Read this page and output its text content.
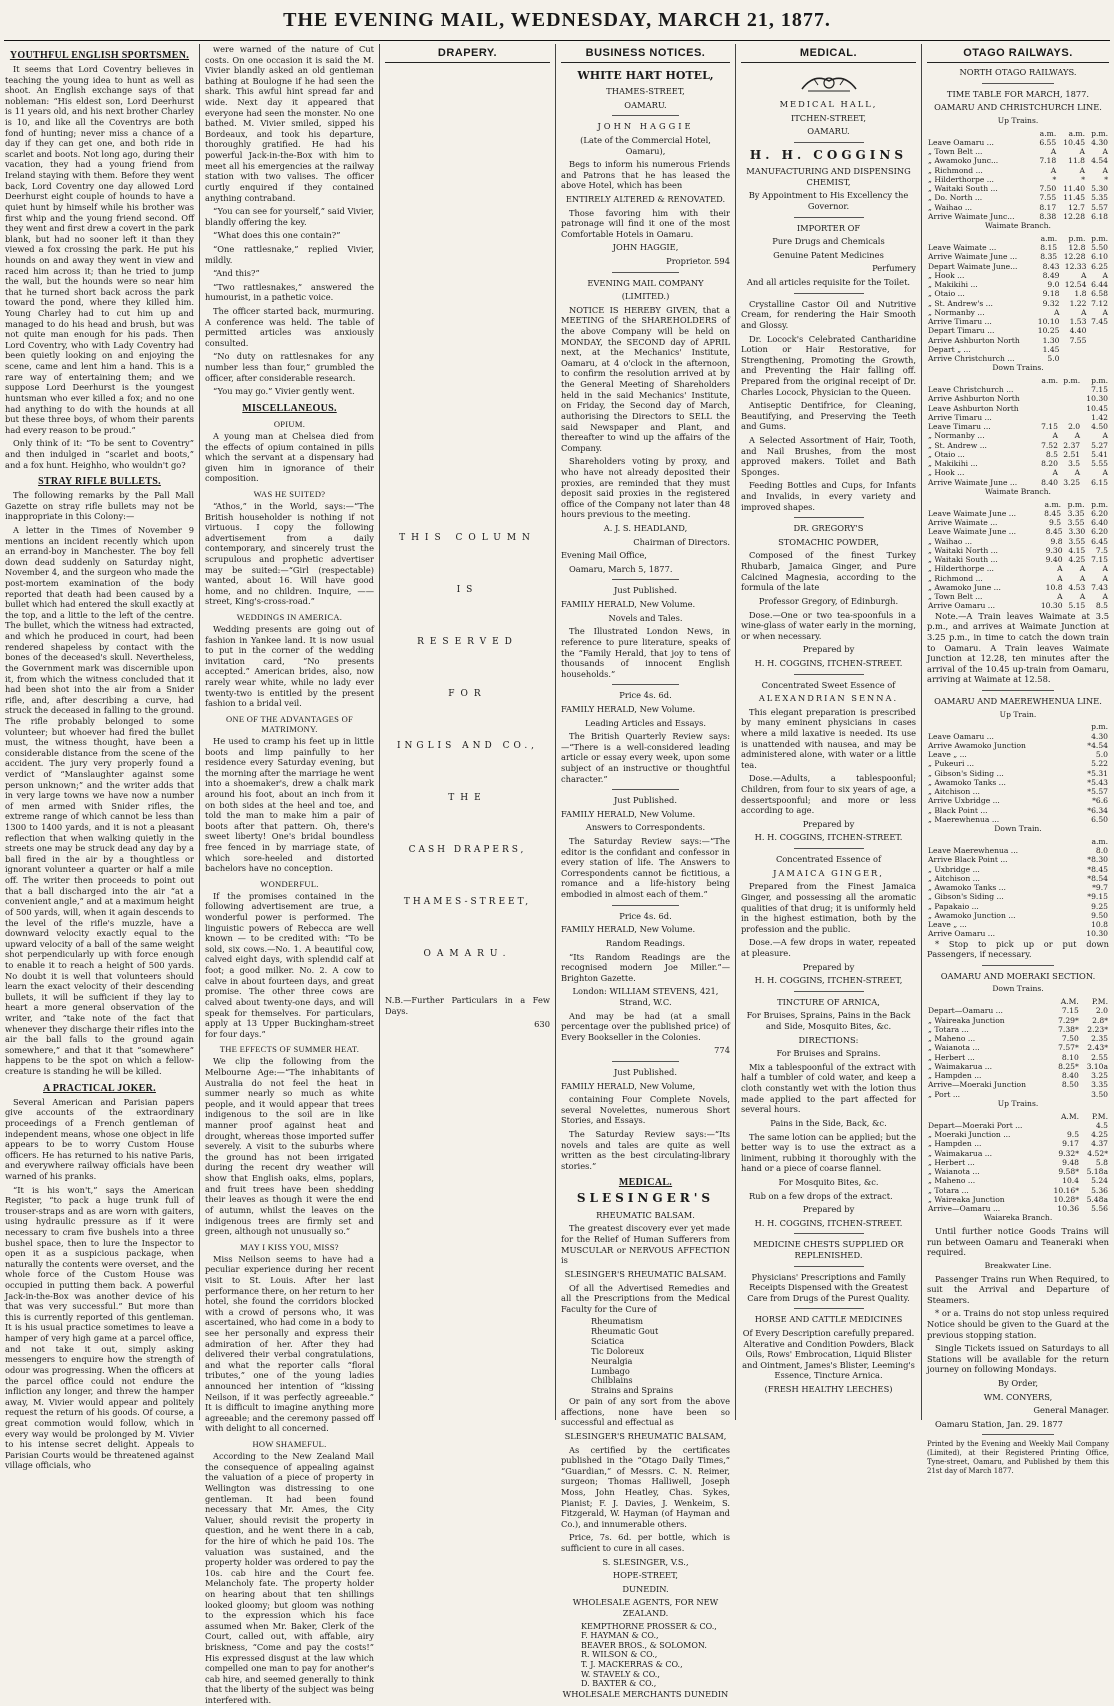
THE EVENING MAIL, WEDNESDAY, MARCH 21, 1877.
YOUTHFUL ENGLISH SPORTSMEN.

It seems that Lord Coventry believes in teaching the young idea to hunt as well as shoot. An English exchange says of that nobleman: “His eldest son, Lord Deerhurst is 11 years old, and his next brother Charley is 10, and like all the Coventrys are both fond of hunting; never miss a chance of a day if they can get one, and both ride in scarlet and boots. Not long ago, during their vacation, they had a young friend from Ireland staying with them. Before they went back, Lord Coventry one day allowed Lord Deerhurst eight couple of hounds to have a quiet hunt by himself while his brother was first whip and the young friend second. Off they went and first drew a covert in the park blank, but had no sooner left it than they viewed a fox crossing the park. He put his hounds on and away they went in view and raced him across it; than he tried to jump the wall, but the hounds were so near him that he turned short back across the park toward the pond, where they killed him. Young Charley had to cut him up and managed to do his head and brush, but was not quite man enough for his pads. Then Lord Coventry, who with Lady Coventry had been quietly looking on and enjoying the scene, came and lent him a hand. This is a rare way of entertaining them; and we suppose Lord Deerhurst is the youngest huntsman who ever killed a fox; and no one had anything to do with the hounds at all but these three boys, of whom their parents had every reason to be proud.”

Only think of it: “To be sent to Coventry” and then indulged in “scarlet and boots,” and a fox hunt. Heighho, who wouldn't go?

STRAY RIFLE BULLETS.

The following remarks by the Pall Mall Gazette on stray rifle bullets may not be inappropriate in this Colony:—

A letter in the Times of November 9 mentions an incident recently which upon an errand-boy in Manchester. The boy fell down dead suddenly on Saturday night, November 4, and the surgeon who made the post-mortem examination of the body reported that death had been caused by a bullet which had entered the skull exactly at the top, and a little to the left of the centre. The bullet, which the witness had extracted, and which he produced in court, had been rendered shapeless by contact with the bones of the deceased's skull. Nevertheless, the Government mark was discernible upon it, from which the witness concluded that it had been shot into the air from a Snider rifle, and, after describing a curve, had struck the deceased in falling to the ground. The rifle probably belonged to some volunteer; but whoever had fired the bullet must, the witness thought, have been a considerable distance from the scene of the accident. The jury very properly found a verdict of “Manslaughter against some person unknown;” and the writer adds that in very large towns we have now a number of men armed with Snider rifles, the extreme range of which cannot be less than 1300 to 1400 yards, and it is not a pleasant reflection that when walking quietly in the streets one may be struck dead any day by a ball fired in the air by a thoughtless or ignorant volunteer a quarter or half a mile off. The writer then proceeds to point out that a ball discharged into the air “at a convenient angle,” and at a maximum height of 500 yards, will, when it again descends to the level of the rifle's muzzle, have a downward velocity exactly equal to the upward velocity of a ball of the same weight shot perpendicularly up with force enough to enable it to reach a height of 500 yards. No doubt it is well that volunteers should learn the exact velocity of their descending bullets, it will be sufficient if they lay to heart a more general observation of the writer, and “take note of the fact that whenever they discharge their rifles into the air the ball falls to the ground again somewhere,” and that it that “somewhere” happens to be the spot on which a fellow-creature is standing he will be killed.

A PRACTICAL JOKER.

Several American and Parisian papers give accounts of the extraordinary proceedings of a French gentleman of independent means, whose one object in life appears to be to worry Custom House officers. He has returned to his native Paris, and everywhere railway officials have been warned of his pranks.

“It is his won't,” says the American Register, “to pack a huge trunk full of trouser-straps and as are worn with gaiters, using hydraulic pressure as if it were necessary to cram five bushels into a three bushel space, then to lure the Inspector to open it as a suspicious package, when naturally the contents were overset, and the whole force of the Custom House was occupied in putting them back. A powerful Jack-in-the-Box was another device of his that was very successful.” But more than this is currently reported of this gentleman. It is his usual practice sometimes to leave a hamper of very high game at a parcel office, and not take it out, simply asking messengers to enquire how the strength of odour was progressing. When the officers at the parcel office could not endure the infliction any longer, and threw the hamper away, M. Vivier would appear and politely request the return of his goods. Of course, a great commotion would follow, which in every way would be prolonged by M. Vivier to his intense secret delight. Appeals to Parisian Courts would be threatened against village officials, who

were warned of the nature of Cut costs. On one occasion it is said the M. Vivier blandly asked an old gentleman bathing at Boulogne if he had seen the shark. This awful hint spread far and wide. Next day it appeared that everyone had seen the monster. No one bathed. M. Vivier smiled, sipped his Bordeaux, and took his departure, thoroughly gratified. He had his powerful Jack-in-the-Box with him to meet all his emergencies at the railway station with two valises. The officer curtly enquired if they contained anything contraband.

“You can see for yourself,” said Vivier, blandly offering the key.

“What does this one contain?”

“One rattlesnake,” replied Vivier, mildly.

“And this?”

“Two rattlesnakes,” answered the humourist, in a pathetic voice.

The officer started back, murmuring. A conference was held. The table of permitted articles was anxiously consulted.

“No duty on rattlesnakes for any number less than four,” grumbled the officer, after considerable research.

“You may go.” Vivier gently went.

MISCELLANEOUS.
OPIUM.

A young man at Chelsea died from the effects of opium contained in pills which the servant at a dispensary had given him in ignorance of their composition.

WAS HE SUITED?

“Athos,” in the World, says:—“The British householder is nothing if not virtuous. I copy the following advertisement from a daily contemporary, and sincerely trust the scrupulous and prophetic advertiser may be suited:—“Girl (respectable) wanted, about 16. Will have good home, and no children. Inquire, —— street, King's-cross-road.”

WEDDINGS IN AMERICA.

Wedding presents are going out of fashion in Yankee land. It is now usual to put in the corner of the wedding invitation card, “No presents accepted.” American brides, also, now rarely wear white, while no lady ever twenty-two is entitled by the present fashion to a bridal veil.

ONE OF THE ADVANTAGES OF MATRIMONY.

He used to cramp his feet up in little boots and limp painfully to her residence every Saturday evening, but the morning after the marriage he went into a shoemaker's, drew a chalk mark around his foot, about an inch from it on both sides at the heel and toe, and told the man to make him a pair of boots after that pattern. Oh, there's sweet liberty! One's bridal boundless free fenced in by marriage state, of which sore-heeled and distorted bachelors have no conception.

WONDERFUL.

If the promises contained in the following advertisement are true, a wonderful power is performed. The linguistic powers of Rebecca are well known — to be credited with: “To be sold, six cows.—No. 1. A beautiful cow, calved eight days, with splendid calf at foot; a good milker. No. 2. A cow to calve in about fourteen days, and great promise. The other three cows are calved about twenty-one days, and will speak for themselves. For particulars, apply at 13 Upper Buckingham-street for four days.”

THE EFFECTS OF SUMMER HEAT.

We clip the following from the Melbourne Age:—“The inhabitants of Australia do not feel the heat in summer nearly so much as white people, and it would appear that trees indigenous to the soil are in like manner proof against heat and drought, whereas those imported suffer severely. A visit to the suburbs where the ground has not been irrigated during the recent dry weather will show that English oaks, elms, poplars, and fruit trees have been shedding their leaves as though it were the end of autumn, whilst the leaves on the indigenous trees are firmly set and green, although not unusually so.”

MAY I KISS YOU, MISS?

Miss Neilson seems to have had a peculiar experience during her recent visit to St. Louis. After her last performance there, on her return to her hotel, she found the corridors blocked with a crowd of persons who, it was ascertained, who had come in a body to see her personally and express their admiration of her. After they had delivered their verbal congratulations, and what the reporter calls “floral tributes,” one of the young ladies announced her intention of “kissing Neilson, if it was perfectly agreeable.” It is difficult to imagine anything more agreeable; and the ceremony passed off with delight to all concerned.

HOW SHAMEFUL.

According to the New Zealand Mail the consequence of appealing against the valuation of a piece of property in Wellington was distressing to one gentleman. It had been found necessary that Mr. Ames, the City Valuer, should revisit the property in question, and he went there in a cab, for the hire of which he paid 10s. The valuation was sustained, and the property holder was ordered to pay the 10s. cab hire and the Court fee. Melancholy fate. The property holder on hearing about that ten shillings looked gloomy; but gloom was nothing to the expression which his face assumed when Mr. Baker, Clerk of the Court, called out, with affable, airy briskness, “Come and pay the costs!” His expressed disgust at the law which compelled one man to pay for another's cab hire, and seemed generally to think that the liberty of the subject was being interfered with.

DRAPERY.
THIS COLUMN
IS
RESERVED
FOR
INGLIS AND CO.,
THE
CASH DRAPERS,
THAMES-STREET,
OAMARU.

N.B.—Further Particulars in a Few Days.

630

BUSINESS NOTICES.

WHITE HART HOTEL,

THAMES-STREET,

OAMARU.

JOHN HAGGIE

(Late of the Commercial Hotel, Oamaru),

Begs to inform his numerous Friends and Patrons that he has leased the above Hotel, which has been

ENTIRELY ALTERED & RENOVATED.

Those favoring him with their patronage will find it one of the most Comfortable Hotels in Oamaru.

JOHN HAGGIE,

Proprietor. 594

EVENING MAIL COMPANY

(LIMITED.)

NOTICE IS HEREBY GIVEN, that a MEETING of the SHAREHOLDERS of the above Company will be held on MONDAY, the SECOND day of APRIL next, at the Mechanics' Institute, Oamaru, at 4 o'clock in the afternoon, to confirm the resolution arrived at by the General Meeting of Shareholders held in the said Mechanics' Institute, on Friday, the Second day of March, authorising the Directors to SELL the said Newspaper and Plant, and thereafter to wind up the affairs of the Company.

Shareholders voting by proxy, and who have not already deposited their proxies, are reminded that they must deposit said proxies in the registered office of the Company not later than 48 hours previous to the meeting.

A. J. S. HEADLAND,

Chairman of Directors.

Evening Mail Office,

Oamaru, March 5, 1877.

Just Published.

FAMILY HERALD, New Volume.

Novels and Tales.

The Illustrated London News, in reference to pure literature, speaks of the “Family Herald, that joy to tens of thousands of innocent English households.”

Price 4s. 6d.

FAMILY HERALD, New Volume.

Leading Articles and Essays.

The British Quarterly Review says:—“There is a well-considered leading article or essay every week, upon some subject of an instructive or thoughtful character.”

Just Published.

FAMILY HERALD, New Volume.

Answers to Correspondents.

The Saturday Review says:—“The editor is the confidant and confessor in every station of life. The Answers to Correspondents cannot be fictitious, a romance and a life-history being embodied in almost each of them.”

Price 4s. 6d.

FAMILY HERALD, New Volume.

Random Readings.

“Its Random Readings are the recognised modern Joe Miller.”—Brighton Gazette.

London: WILLIAM STEVENS, 421, Strand, W.C.

And may be had (at a small percentage over the published price) of Every Bookseller in the Colonies.

774

Just Published.

FAMILY HERALD, New Volume,

containing Four Complete Novels, several Novelettes, numerous Short Stories, and Essays.

The Saturday Review says:—“Its novels and tales are quite as well written as the best circulating-library stories.”

MEDICAL.

SLESINGER'S

RHEUMATIC BALSAM.

The greatest discovery ever yet made for the Relief of Human Sufferers from MUSCULAR or NERVOUS AFFECTION is

SLESINGER'S RHEUMATIC BALSAM.

Of all the Advertised Remedies and all the Prescriptions from the Medical Faculty for the Cure of

Rheumatism
Rheumatic Gout
Sciatica
Tic Doloreux
Neuralgia
Lumbago
Chilblains
Strains and Sprains

Or pain of any sort from the above affections, none have been so successful and effectual as

SLESINGER'S RHEUMATIC BALSAM,

As certified by the certificates published in the “Otago Daily Times,” “Guardian,” of Messrs. C. N. Reimer, surgeon; Thomas Halliwell, Joseph Moss, John Heatley, Chas. Sykes, Pianist; F. J. Davies, J. Wenkeim, S. Fitzgerald, W. Hayman (of Hayman and Co.), and innumerable others.

Price, 7s. 6d. per bottle, which is sufficient to cure in all cases.

S. SLESINGER, V.S.,

HOPE-STREET,

DUNEDIN.

WHOLESALE AGENTS, FOR NEW ZEALAND.

KEMPTHORNE PROSSER & CO.,
F. HAYMAN & CO.,
BEAVER BROS., & SOLOMON.
R. WILSON & CO.,
T. J. MACKERRAS & CO.,
W. STAVELY & CO.,
D. BAXTER & CO.,

WHOLESALE MERCHANTS DUNEDIN

MEDICAL.

MEDICAL HALL,

ITCHEN-STREET,

OAMARU.

H. H. COGGINS

MANUFACTURING AND DISPENSING CHEMIST,

By Appointment to His Excellency the Governor.

IMPORTER OF

Pure Drugs and Chemicals

Genuine Patent Medicines

Perfumery

And all articles requisite for the Toilet.

Crystalline Castor Oil and Nutritive Cream, for rendering the Hair Smooth and Glossy.

Dr. Locock's Celebrated Cantharidine Lotion or Hair Restorative, for Strengthening, Promoting the Growth, and Preventing the Hair falling off. Prepared from the original receipt of Dr. Charles Locock, Physician to the Queen.

Antiseptic Dentifrice, for Cleaning, Beautifying, and Preserving the Teeth and Gums.

A Selected Assortment of Hair, Tooth, and Nail Brushes, from the most approved makers. Toilet and Bath Sponges.

Feeding Bottles and Cups, for Infants and Invalids, in every variety and improved shapes.

DR. GREGORY'S

STOMACHIC POWDER,

Composed of the finest Turkey Rhubarb, Jamaica Ginger, and Pure Calcined Magnesia, according to the formula of the late

Professor Gregory, of Edinburgh.

Dose.—One or two tea-spoonfuls in a wine-glass of water early in the morning, or when necessary.

Prepared by

H. H. COGGINS, ITCHEN-STREET.

Concentrated Sweet Essence of

ALEXANDRIAN SENNA.

This elegant preparation is prescribed by many eminent physicians in cases where a mild laxative is needed. Its use is unattended with nausea, and may be administered alone, with water or a little tea.

Dose.—Adults, a tablespoonful; Children, from four to six years of age, a dessertspoonful; and more or less according to age.

Prepared by

H. H. COGGINS, ITCHEN-STREET.

Concentrated Essence of

JAMAICA GINGER,

Prepared from the Finest Jamaica Ginger, and possessing all the aromatic qualities of that drug; it is uniformly held in the highest estimation, both by the profession and the public.

Dose.—A few drops in water, repeated at pleasure.

Prepared by

H. H. COGGINS, ITCHEN-STREET,

TINCTURE OF ARNICA,

For Bruises, Sprains, Pains in the Back and Side, Mosquito Bites, &c.

DIRECTIONS:

For Bruises and Sprains.

Mix a tablespoonful of the extract with half a tumbler of cold water, and keep a cloth constantly wet with the lotion thus made applied to the part affected for several hours.

Pains in the Side, Back, &c.

The same lotion can be applied; but the better way is to use the extract as a liniment, rubbing it thoroughly with the hand or a piece of coarse flannel.

For Mosquito Bites, &c.

Rub on a few drops of the extract.

Prepared by

H. H. COGGINS, ITCHEN-STREET.

MEDICINE CHESTS SUPPLIED OR REPLENISHED.

Physicians' Prescriptions and Family Receipts Dispensed with the Greatest Care from Drugs of the Purest Quality.

HORSE AND CATTLE MEDICINES

Of Every Description carefully prepared. Alterative and Condition Powders, Black Oils, Rows' Embrocation, Liquid Blister and Ointment, James's Blister, Leeming's Essence, Tincture Arnica.

(FRESH HEALTHY LEECHES)

OTAGO RAILWAYS.

NORTH OTAGO RAILWAYS.

TIME TABLE FOR MARCH, 1877.

OAMARU AND CHRISTCHURCH LINE.

Up Trains.

	a.m.	a.m.	p.m.
Leave Oamaru ...	6.55	10.45	4.30
„ Town Belt ...	A	A	A
„ Awamoko Junc...	7.18	11.8	4.54
„ Richmond ...	A	A	A
„ Hilderthorpe ...	*	*	*
„ Waitaki South ...	7.50	11.40	5.30
„ Do. North ...	7.55	11.45	5.35
„ Waihao ...	8.17	12.7	5.57
Arrive Waimate Junc...	8.38	12.28	6.18

Waimate Branch.

	a.m.	p.m.	p.m.
Leave Waimate ...	8.15	12.8	5.50
Arrive Waimate June ...	8.35	12.28	6.10
Depart Waimate June...	8.43	12.33	6.25
„ Hook ...	8.49	A	A
„ Makikihi ...	9.0	12.54	6.44
„ Otaio ...	9.18	1.8	6.58
„ St. Andrew's ...	9.32	1.22	7.12
„ Normanby ...	A	A	A
Arrive Timaru ...	10.10	1.53	7.45
Depart Timaru ...	10.25	4.40	
Arrive Ashburton North	1.30	7.55	
Depart „ ...	1.45		
Arrive Christchurch ...	5.0		

Down Trains.

	a.m.	p.m.	p.m.
Leave Christchurch ...			7.15
Arrive Ashburton North			10.30
Leave Ashburton North			10.45
Arrive Timaru ...			1.42
Leave Timaru ...	7.15	2.0	4.50
„ Normanby ...	A	A	A
„ St. Andrew ...	7.52	2.37	5.27
„ Otaio ...	8.5	2.51	5.41
„ Makikihi ...	8.20	3.5	5.55
„ Hook ...	A	A	A
Arrive Waimate June ...	8.40	3.25	6.15

Waimate Branch.

	a.m.	p.m.	p.m.
Leave Waimate June ...	8.45	3.35	6.20
Arrive Waimate ...	9.5	3.55	6.40
Leave Waimate June ...	8.45	3.30	6.20
„ Waihao ...	9.8	3.55	6.45
„ Waitaki North ...	9.30	4.15	7.5
„ Waitaki South ...	9.40	4.25	7.15
„ Hilderthorpe ...	A	A	A
„ Richmond ...	A	A	A
„ Awamoko June ...	10.8	4.53	7.43
„ Town Belt ...	A	A	A
Arrive Oamaru ...	10.30	5.15	8.5

Note.—A Train leaves Waimate at 3.5 p.m., and arrives at Waimate Junction at 3.25 p.m., in time to catch the down train to Oamaru. A Train leaves Waimate Junction at 12.28, ten minutes after the arrival of the 10.45 up-train from Oamaru, arriving at Waimate at 12.58.

OAMARU AND MAEREWHENUA LINE.

Up Train.

	p.m.
Leave Oamaru ...	4.30
Arrive Awamoko Junction	*4.54
Leave „ ...	5.0
„ Pukeuri ...	5.22
„ Gibson's Siding ...	*5.31
„ Awamoko Tanks ...	*5.43
„ Aitchison ...	*5.57
Arrive Uxbridge ...	*6.6
„ Black Point ...	*6.34
„ Maerewhenua ...	6.50

Down Train.

	a.m.
Leave Maerewhenua ...	8.0
Arrive Black Point ...	*8.30
„ Uxbridge ...	*8.45
„ Aitchison ...	*8.54
„ Awamoko Tanks ...	*9.7
„ Gibson's Siding ...	*9.15
„ Papakaio ...	9.25
„ Awamoko Junction ...	9.50
Leave „ ...	10.8
Arrive Oamaru ...	10.30

* Stop to pick up or put down Passengers, if necessary.

OAMARU AND MOERAKI SECTION.

Down Trains.

	A.M.	P.M.
Depart—Oamaru ...	7.15	2.0
„ Waireaka Junction	7.29*	2.8*
„ Totara ...	7.38*	2.23*
„ Maheno ...	7.50	2.35
„ Waianota ...	7.57*	2.43*
„ Herbert ...	8.10	2.55
„ Waimakarua ...	8.25*	3.10a
„ Hampden ...	8.40	3.25
Arrive—Moeraki Junction	8.50	3.35
„ Port ...		3.50

Up Trains.

	A.M.	P.M.
Depart—Moeraki Port ...		4.5
„ Moeraki Junction ...	9.5	4.25
„ Hampden ...	9.17	4.37
„ Waimakarua ...	9.32*	4.52*
„ Herbert ...	9.48	5.8
„ Waianota ...	9.58*	5.18a
„ Maheno ...	10.4	5.24
„ Totara ...	10.16*	5.36
„ Waireaka Junction	10.28*	5.48a
Arrive—Oamaru ...	10.36	5.56

Waiareka Branch.

Until further notice Goods Trains will run between Oamaru and Teaneraki when required.

Breakwater Line.

Passenger Trains run When Required, to suit the Arrival and Departure of Steamers.

* or a. Trains do not stop unless required Notice should be given to the Guard at the previous stopping station.

Single Tickets issued on Saturdays to all Stations will be available for the return journey on following Mondays.

By Order,

WM. CONYERS,

General Manager.

Oamaru Station, Jan. 29. 1877

Printed by the Evening and Weekly Mail Company (Limited), at their Registered Printing Office, Tyne-street, Oamaru, and Published by them this 21st day of March 1877.
